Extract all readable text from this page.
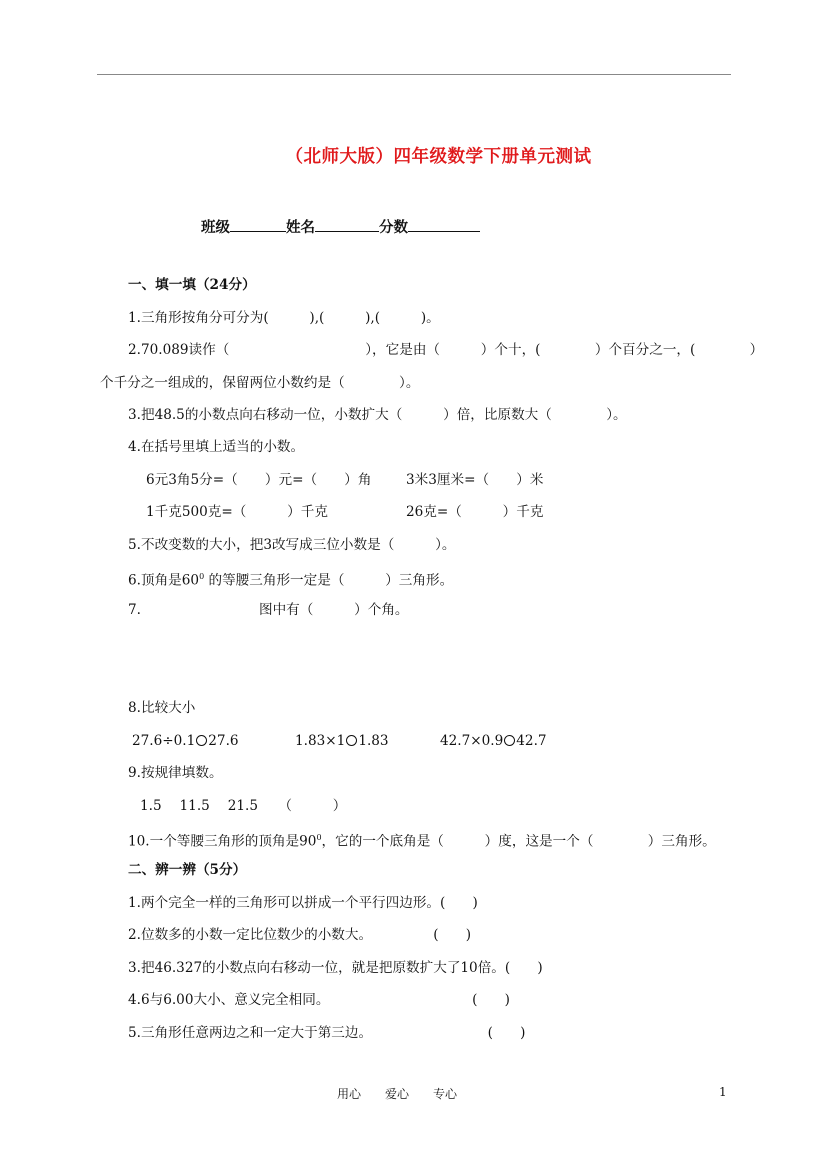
（北师大版）四年级数学下册单元测试
班级	姓名	分数
一、填一填（24分）
1.三角形按角分可分为(　　　),(　　　),(　　　)。
2.70.089读作（　　　　　　　　　　），它是由（　　　）个十，(　　　　）个百分之一，(　　　　）
个千分之一组成的，保留两位小数约是（　　　　）。
3.把48.5的小数点向右移动一位，小数扩大（　　　）倍，比原数大（　　　　）。
4.在括号里填上适当的小数。
6元3角5分=（　　）元=（　　）角	3米3厘米=（　　）米
1千克500克=（　　　）千克	26克=（　　　）千克
5.不改变数的大小，把3改写成三位小数是（　　　）。
6.顶角是$60^0$ 的等腰三角形一定是（　　　）三角形。
7.	图中有（　　　）个角。
8.比较大小
27.6÷0.1 27.6	1.83×1 1.83	42.7×0.9 42.7
9.按规律填数。
1.5　 11.5　 21.5　　（　　　）
10.一个等腰三角形的顶角是$90^0$，它的一个底角是（　　　）度，这是一个（　　　　）三角形。
二、辨一辨（5分）
1.两个完全一样的三角形可以拼成一个平行四边形。(　　)
2.位数多的小数一定比位数少的小数大。　　　　　(　　)
3.把46.327的小数点向右移动一位，就是把原数扩大了10倍。(　　)
4.6与6.00大小、意义完全相同。　　　　　　　　　　　(　　)
5.三角形任意两边之和一定大于第三边。　　　　　　　　　(　　)
用心　　爱心　　专心	1
